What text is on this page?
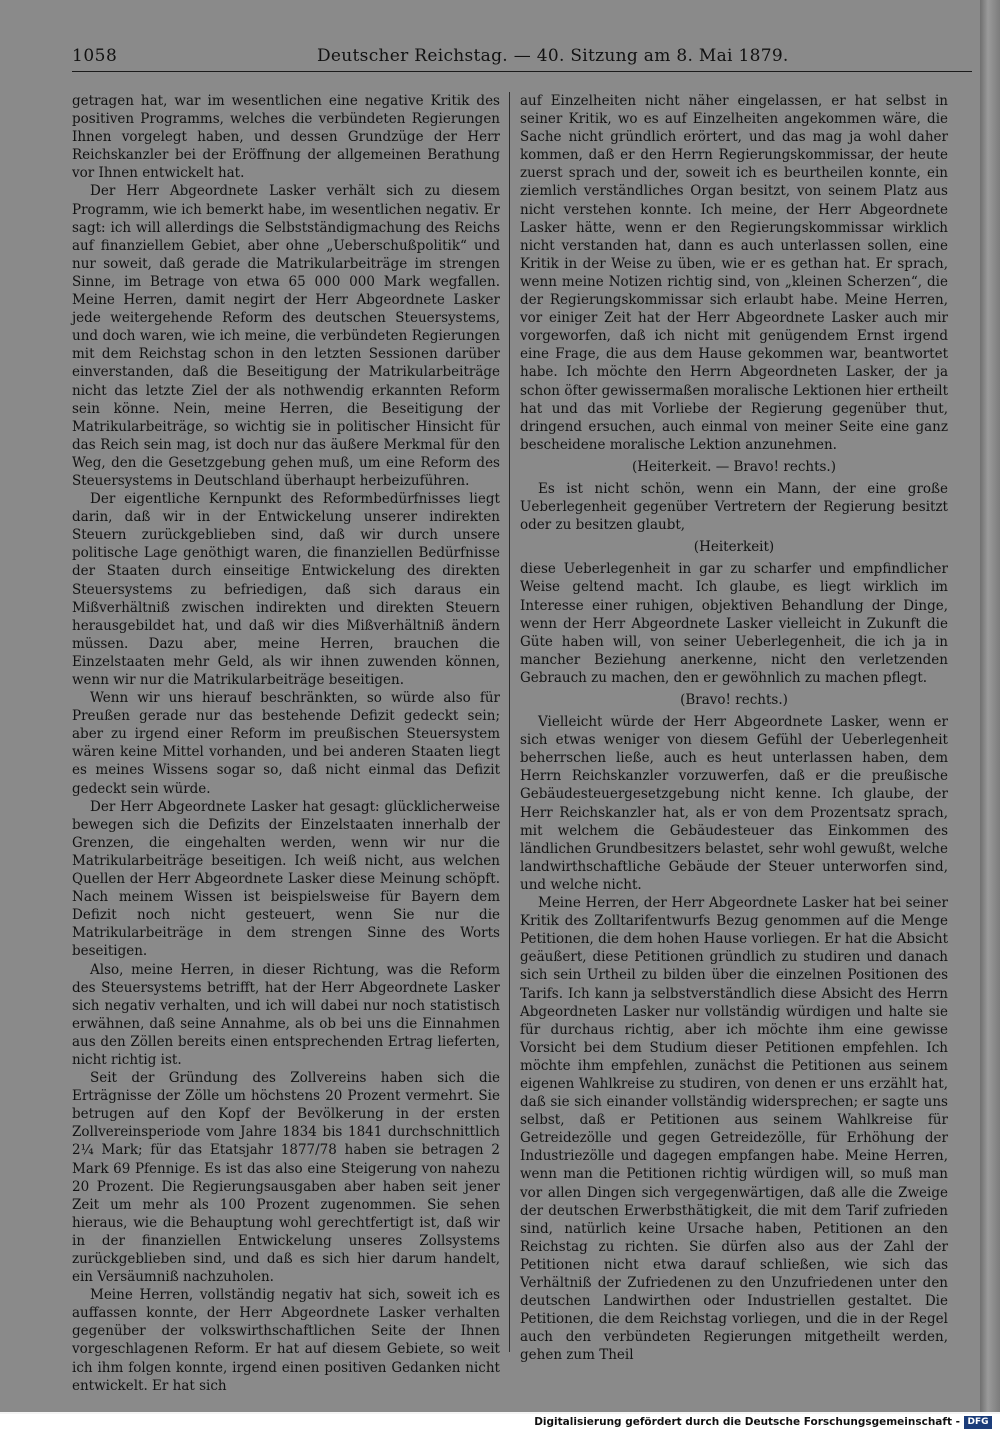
1058	Deutscher Reichstag. — 40. Sitzung am 8. Mai 1879.

getragen hat, war im wesentlichen eine negative Kritik des positiven Programms, welches die verbündeten Regierungen Ihnen vorgelegt haben, und dessen Grundzüge der Herr Reichskanzler bei der Eröffnung der allgemeinen Berathung vor Ihnen entwickelt hat.

Der Herr Abgeordnete Lasker verhält sich zu diesem Programm, wie ich bemerkt habe, im wesentlichen negativ. Er sagt: ich will allerdings die Selbstständigmachung des Reichs auf finanziellem Gebiet, aber ohne „Ueberschußpolitik“ und nur soweit, daß gerade die Matrikularbeiträge im strengen Sinne, im Betrage von etwa 65 000 000 Mark wegfallen. Meine Herren, damit negirt der Herr Abgeordnete Lasker jede weitergehende Reform des deutschen Steuersystems, und doch waren, wie ich meine, die verbündeten Regierungen mit dem Reichstag schon in den letzten Sessionen darüber einverstanden, daß die Beseitigung der Matrikularbeiträge nicht das letzte Ziel der als nothwendig erkannten Reform sein könne. Nein, meine Herren, die Beseitigung der Matrikularbeiträge, so wichtig sie in politischer Hinsicht für das Reich sein mag, ist doch nur das äußere Merkmal für den Weg, den die Gesetzgebung gehen muß, um eine Reform des Steuersystems in Deutschland überhaupt herbeizuführen.

Der eigentliche Kernpunkt des Reformbedürfnisses liegt darin, daß wir in der Entwickelung unserer indirekten Steuern zurückgeblieben sind, daß wir durch unsere politische Lage genöthigt waren, die finanziellen Bedürfnisse der Staaten durch einseitige Entwickelung des direkten Steuersystems zu befriedigen, daß sich daraus ein Mißverhältniß zwischen indirekten und direkten Steuern herausgebildet hat, und daß wir dies Mißverhältniß ändern müssen. Dazu aber, meine Herren, brauchen die Einzelstaaten mehr Geld, als wir ihnen zuwenden können, wenn wir nur die Matrikularbeiträge beseitigen.

Wenn wir uns hierauf beschränkten, so würde also für Preußen gerade nur das bestehende Defizit gedeckt sein; aber zu irgend einer Reform im preußischen Steuersystem wären keine Mittel vorhanden, und bei anderen Staaten liegt es meines Wissens sogar so, daß nicht einmal das Defizit gedeckt sein würde.

Der Herr Abgeordnete Lasker hat gesagt: glücklicherweise bewegen sich die Defizits der Einzelstaaten innerhalb der Grenzen, die eingehalten werden, wenn wir nur die Matrikularbeiträge beseitigen. Ich weiß nicht, aus welchen Quellen der Herr Abgeordnete Lasker diese Meinung schöpft. Nach meinem Wissen ist beispielsweise für Bayern dem Defizit noch nicht gesteuert, wenn Sie nur die Matrikularbeiträge in dem strengen Sinne des Worts beseitigen.

Also, meine Herren, in dieser Richtung, was die Reform des Steuersystems betrifft, hat der Herr Abgeordnete Lasker sich negativ verhalten, und ich will dabei nur noch statistisch erwähnen, daß seine Annahme, als ob bei uns die Einnahmen aus den Zöllen bereits einen entsprechenden Ertrag lieferten, nicht richtig ist.

Seit der Gründung des Zollvereins haben sich die Erträgnisse der Zölle um höchstens 20 Prozent vermehrt. Sie betrugen auf den Kopf der Bevölkerung in der ersten Zollvereinsperiode vom Jahre 1834 bis 1841 durchschnittlich 2¼ Mark; für das Etatsjahr 1877/78 haben sie betragen 2 Mark 69 Pfennige. Es ist das also eine Steigerung von nahezu 20 Prozent. Die Regierungsausgaben aber haben seit jener Zeit um mehr als 100 Prozent zugenommen. Sie sehen hieraus, wie die Behauptung wohl gerechtfertigt ist, daß wir in der finanziellen Entwickelung unseres Zollsystems zurückgeblieben sind, und daß es sich hier darum handelt, ein Versäumniß nachzuholen.

Meine Herren, vollständig negativ hat sich, soweit ich es auffassen konnte, der Herr Abgeordnete Lasker verhalten gegenüber der volkswirthschaftlichen Seite der Ihnen vorgeschlagenen Reform. Er hat auf diesem Gebiete, so weit ich ihm folgen konnte, irgend einen positiven Gedanken nicht entwickelt. Er hat sich

auf Einzelheiten nicht näher eingelassen, er hat selbst in seiner Kritik, wo es auf Einzelheiten angekommen wäre, die Sache nicht gründlich erörtert, und das mag ja wohl daher kommen, daß er den Herrn Regierungskommissar, der heute zuerst sprach und der, soweit ich es beurtheilen konnte, ein ziemlich verständliches Organ besitzt, von seinem Platz aus nicht verstehen konnte. Ich meine, der Herr Abgeordnete Lasker hätte, wenn er den Regierungskommissar wirklich nicht verstanden hat, dann es auch unterlassen sollen, eine Kritik in der Weise zu üben, wie er es gethan hat. Er sprach, wenn meine Notizen richtig sind, von „kleinen Scherzen“, die der Regierungskommissar sich erlaubt habe. Meine Herren, vor einiger Zeit hat der Herr Abgeordnete Lasker auch mir vorgeworfen, daß ich nicht mit genügendem Ernst irgend eine Frage, die aus dem Hause gekommen war, beantwortet habe. Ich möchte den Herrn Abgeordneten Lasker, der ja schon öfter gewissermaßen moralische Lektionen hier ertheilt hat und das mit Vorliebe der Regierung gegenüber thut, dringend ersuchen, auch einmal von meiner Seite eine ganz bescheidene moralische Lektion anzunehmen.

(Heiterkeit. — Bravo! rechts.)

Es ist nicht schön, wenn ein Mann, der eine große Ueberlegenheit gegenüber Vertretern der Regierung besitzt oder zu besitzen glaubt,

(Heiterkeit)

diese Ueberlegenheit in gar zu scharfer und empfindlicher Weise geltend macht. Ich glaube, es liegt wirklich im Interesse einer ruhigen, objektiven Behandlung der Dinge, wenn der Herr Abgeordnete Lasker vielleicht in Zukunft die Güte haben will, von seiner Ueberlegenheit, die ich ja in mancher Beziehung anerkenne, nicht den verletzenden Gebrauch zu machen, den er gewöhnlich zu machen pflegt.

(Bravo! rechts.)

Vielleicht würde der Herr Abgeordnete Lasker, wenn er sich etwas weniger von diesem Gefühl der Ueberlegenheit beherrschen ließe, auch es heut unterlassen haben, dem Herrn Reichskanzler vorzuwerfen, daß er die preußische Gebäudesteuergesetzgebung nicht kenne. Ich glaube, der Herr Reichskanzler hat, als er von dem Prozentsatz sprach, mit welchem die Gebäudesteuer das Einkommen des ländlichen Grundbesitzers belastet, sehr wohl gewußt, welche landwirthschaftliche Gebäude der Steuer unterworfen sind, und welche nicht.

Meine Herren, der Herr Abgeordnete Lasker hat bei seiner Kritik des Zolltarifentwurfs Bezug genommen auf die Menge Petitionen, die dem hohen Hause vorliegen. Er hat die Absicht geäußert, diese Petitionen gründlich zu studiren und danach sich sein Urtheil zu bilden über die einzelnen Positionen des Tarifs. Ich kann ja selbstverständlich diese Absicht des Herrn Abgeordneten Lasker nur vollständig würdigen und halte sie für durchaus richtig, aber ich möchte ihm eine gewisse Vorsicht bei dem Studium dieser Petitionen empfehlen. Ich möchte ihm empfehlen, zunächst die Petitionen aus seinem eigenen Wahlkreise zu studiren, von denen er uns erzählt hat, daß sie sich einander vollständig widersprechen; er sagte uns selbst, daß er Petitionen aus seinem Wahlkreise für Getreidezölle und gegen Getreidezölle, für Erhöhung der Industriezölle und dagegen empfangen habe. Meine Herren, wenn man die Petitionen richtig würdigen will, so muß man vor allen Dingen sich vergegenwärtigen, daß alle die Zweige der deutschen Erwerbsthätigkeit, die mit dem Tarif zufrieden sind, natürlich keine Ursache haben, Petitionen an den Reichstag zu richten. Sie dürfen also aus der Zahl der Petitionen nicht etwa darauf schließen, wie sich das Verhältniß der Zufriedenen zu den Unzufriedenen unter den deutschen Landwirthen oder Industriellen gestaltet. Die Petitionen, die dem Reichstag vorliegen, und die in der Regel auch den verbündeten Regierungen mitgetheilt werden, gehen zum Theil

Digitalisierung gefördert durch die Deutsche Forschungsgemeinschaft - DFG
